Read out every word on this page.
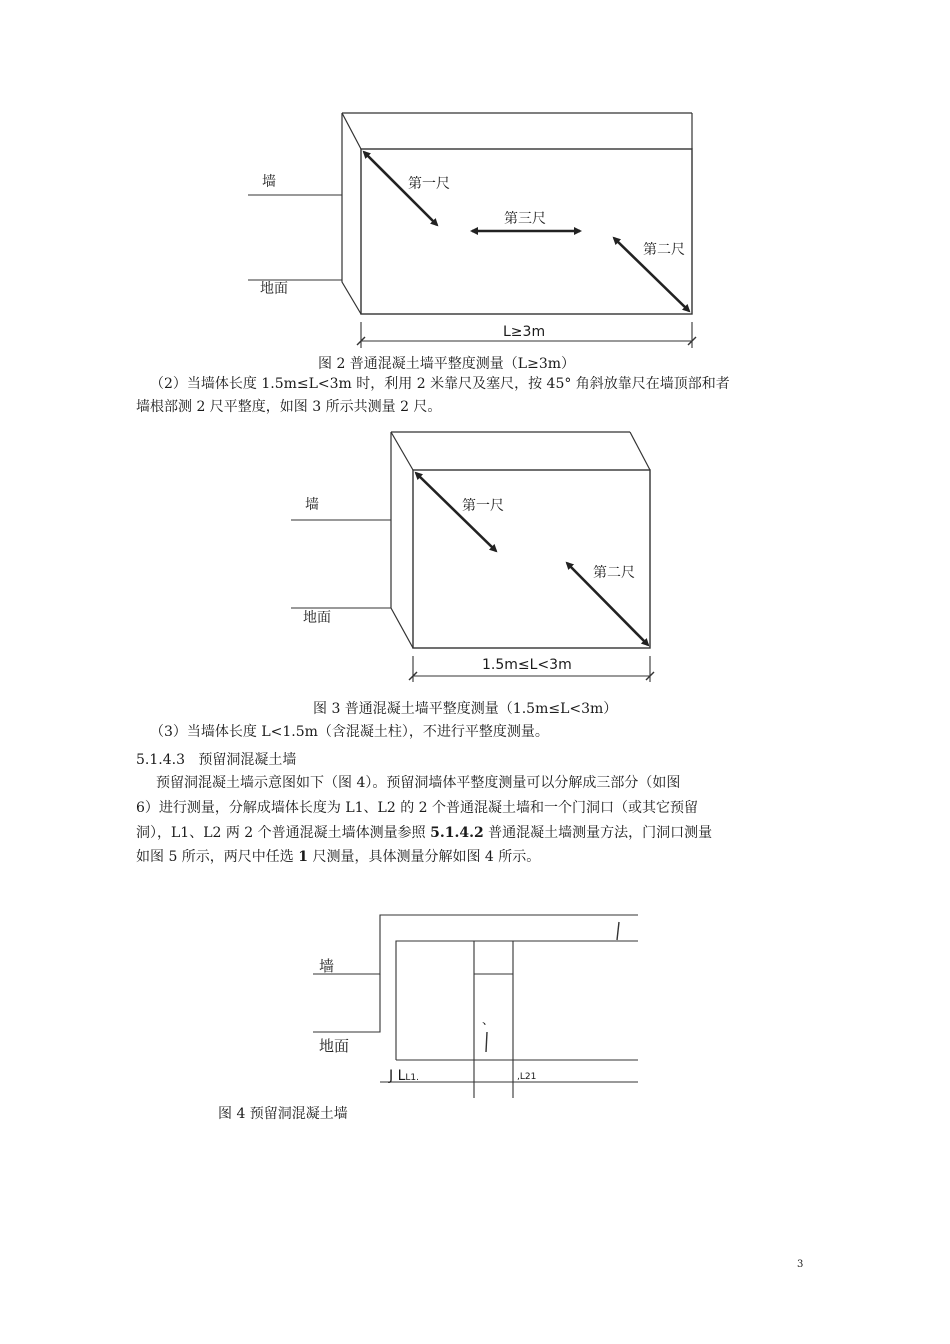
墙
地面
第一尺
第三尺
第二尺
L≥3m
图 2 普通混凝土墙平整度测量（L≥3m）
（2）当墙体长度 1.5m≤L<3m 时，利用 2 米靠尺及塞尺，按 45° 角斜放靠尺在墙顶部和者
墙根部测 2 尺平整度，如图 3 所示共测量 2 尺。
墙
地面
第一尺
第二尺
1.5m≤L<3m
图 3 普通混凝土墙平整度测量（1.5m≤L<3m）
（3）当墙体长度 L<1.5m（含混凝土柱），不进行平整度测量。
5.1.4.3 预留洞混凝土墙
预留洞混凝土墙示意图如下（图 4）。预留洞墙体平整度测量可以分解成三部分（如图
6）进行测量，分解成墙体长度为 L1、L2 的 2 个普通混凝土墙和一个门洞口（或其它预留
洞），L1、L2 两 2 个普通混凝土墙体测量参照 5.1.4.2 普通混凝土墙测量方法，门洞口测量
如图 5 所示，两尺中任选 1 尺测量，具体测量分解如图 4 所示。
、
墙
地面
J LL1.	,L21
图 4 预留洞混凝土墙
3
